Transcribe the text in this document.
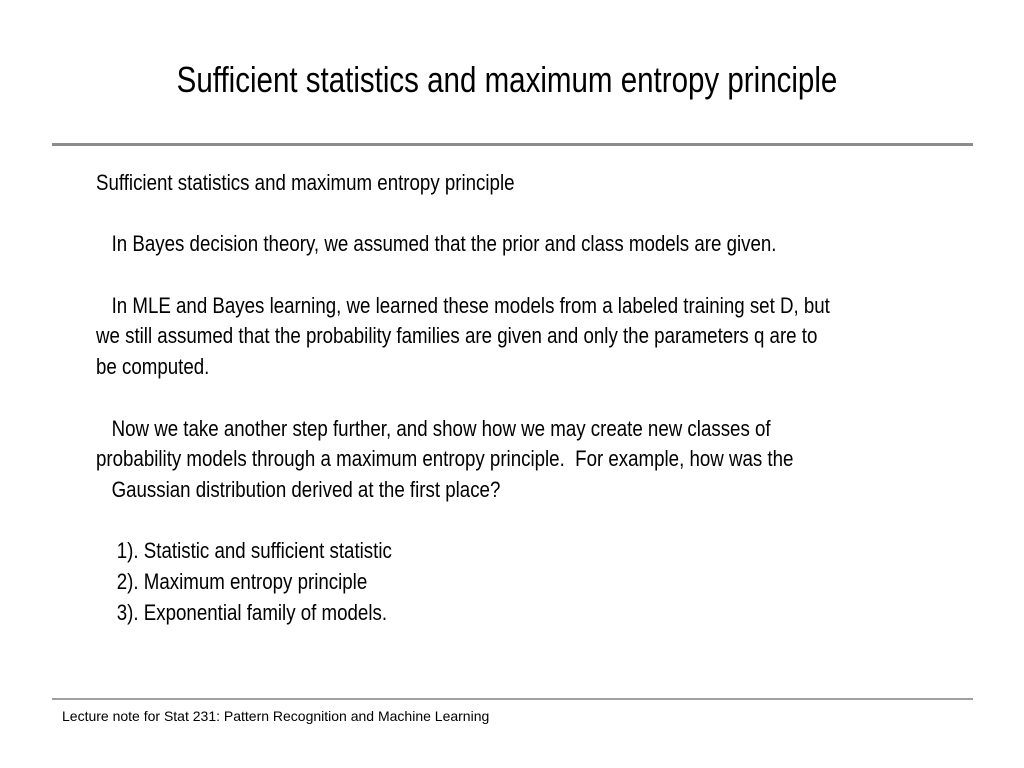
Sufficient statistics and maximum entropy principle
Sufficient statistics and maximum entropy principle
In Bayes decision theory, we assumed that the prior and class models are given.
In MLE and Bayes learning, we learned these models from a labeled training set D, but
we still assumed that the probability families are given and only the parameters q are to
be computed.
Now we take another step further, and show how we may create new classes of
probability models through a maximum entropy principle.  For example, how was the
Gaussian distribution derived at the first place?
1). Statistic and sufficient statistic
2). Maximum entropy principle
3). Exponential family of models.
Lecture note for Stat 231: Pattern Recognition and Machine Learning
